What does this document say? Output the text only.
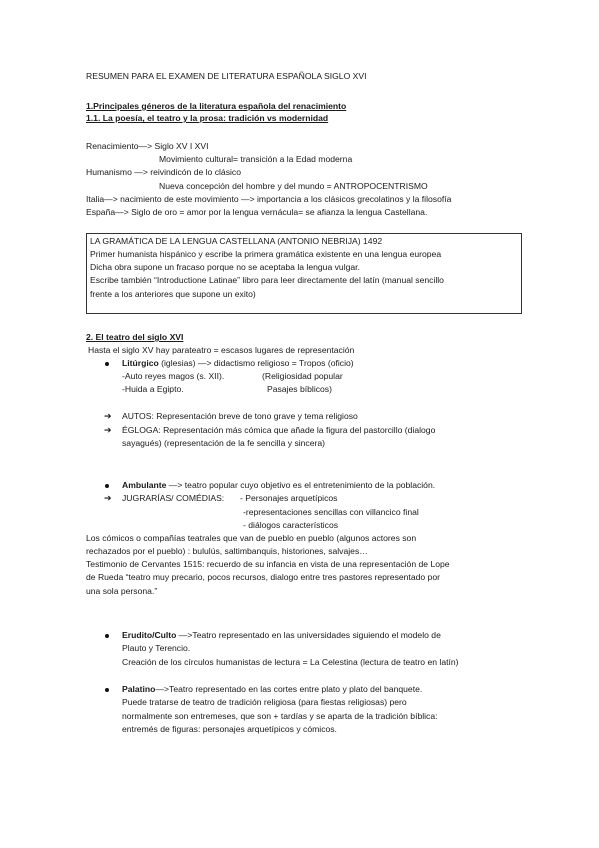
RESUMEN PARA EL EXAMEN DE LITERATURA ESPAÑOLA SIGLO XVI
1.Principales géneros de la literatura española del renacimiento
1.1. La poesía, el teatro y la prosa: tradición vs modernidad
Renacimiento—> Siglo XV I XVI
Movimiento cultural= transición a la Edad moderna
Humanismo —> reivindicón de lo clásico
Nueva concepción del hombre y del mundo = ANTROPOCENTRISMO
Italia—> nacimiento de este movimiento —> importancia a los clásicos grecolatinos y la filosofía
España—> Siglo de oro = amor por la lengua vernácula= se afianza la lengua Castellana.
LA GRAMÁTICA DE LA LENGUA CASTELLANA (ANTONIO NEBRIJA) 1492
Primer humanista hispánico y escribe la primera gramática existente en una lengua europea
Dicha obra supone un fracaso porque no se aceptaba la lengua vulgar.
Escribe también “Introductione Latinae” libro para leer directamente del latín (manual sencillo
frente a los anteriores que supone un exito)
2. El teatro del siglo XVI
Hasta el siglo XV hay parateatro = escasos lugares de representación
Litúrgico (iglesias) —> didactismo religioso = Tropos (oficio)
-Auto reyes magos (s. XII).	(Religiosidad popular
-Huida a Egipto.	Pasajes bíblicos)
➔ AUTOS: Representación breve de tono grave y tema religioso
➔ ÉGLOGA: Representación más cómica que añade la figura del pastorcillo (dialogo
sayagués) (representación de la fe sencilla y sincera)
Ambulante —> teatro popular cuyo objetivo es el entretenimiento de la población.
➔ JUGRARÍAS/ COMÉDIAS: - Personajes arquetípicos
-representaciones sencillas con villancico final
- diálogos característicos
Los cómicos o compañías teatrales que van de pueblo en pueblo (algunos actores son
rechazados por el pueblo) : bululús, saltimbanquis, historiones, salvajes…
Testimonio de Cervantes 1515: recuerdo de su infancia en vista de una representación de Lope
de Rueda “teatro muy precario, pocos recursos, dialogo entre tres pastores representado por
una sola persona.”
Erudito/Culto —>Teatro representado en las universidades siguiendo el modelo de
Plauto y Terencio.
Creación de los círculos humanistas de lectura = La Celestina (lectura de teatro en latín)
Palatino—>Teatro representado en las cortes entre plato y plato del banquete.
Puede tratarse de teatro de tradición religiosa (para fiestas religiosas) pero
normalmente son entremeses, que son + tardías y se aparta de la tradición bíblica:
entremés de figuras: personajes arquetípicos y cómicos.
